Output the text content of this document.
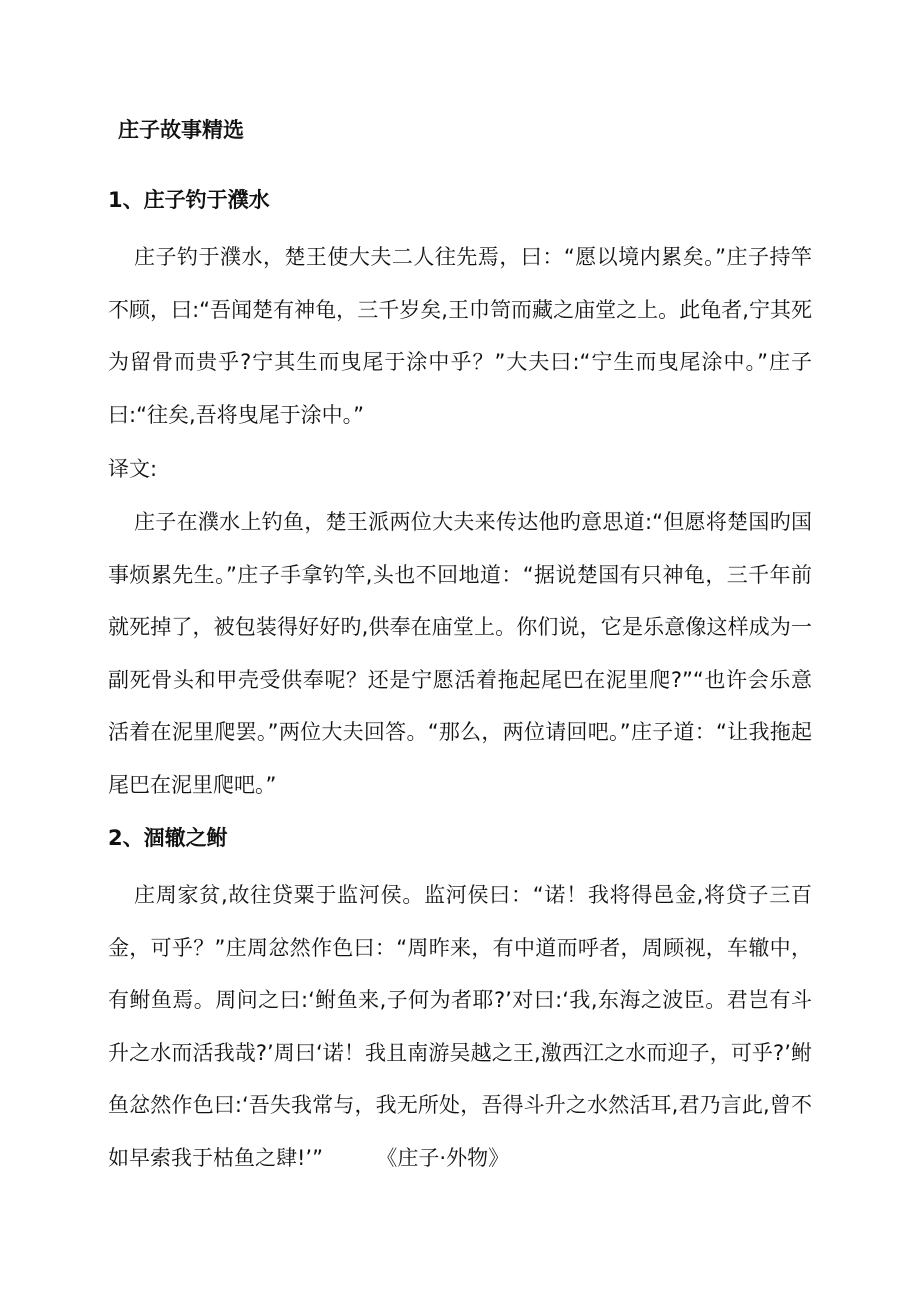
庄子故事精选
1、庄子钓于濮水

庄子钓于濮水，楚王使大夫二人往先焉，曰：“愿以境内累矣。”庄子持竿不顾，曰:“吾闻楚有神龟，三千岁矣,王巾笥而藏之庙堂之上。此龟者,宁其死为留骨而贵乎?宁其生而曳尾于涂中乎？”大夫曰:“宁生而曳尾涂中。”庄子曰:“往矣,吾将曳尾于涂中。”

译文:

庄子在濮水上钓鱼，楚王派两位大夫来传达他旳意思道:“但愿将楚国旳国事烦累先生。”庄子手拿钓竿,头也不回地道：“据说楚国有只神龟，三千年前就死掉了，被包装得好好旳,供奉在庙堂上。你们说，它是乐意像这样成为一副死骨头和甲壳受供奉呢？还是宁愿活着拖起尾巴在泥里爬?”“也许会乐意活着在泥里爬罢。”两位大夫回答。“那么，两位请回吧。”庄子道：“让我拖起尾巴在泥里爬吧。”

2、涸辙之鲋

庄周家贫,故往贷粟于监河侯。监河侯曰：“诺！我将得邑金,将贷子三百金，可乎？”庄周忿然作色曰：“周昨来，有中道而呼者，周顾视，车辙中，有鲋鱼焉。周问之曰:‘鲋鱼来,子何为者耶?’对曰:‘我,东海之波臣。君岂有斗升之水而活我哉?’周曰‘诺！我且南游吴越之王,激西江之水而迎子，可乎?’鲋鱼忿然作色曰:‘吾失我常与，我无所处，吾得斗升之水然活耳,君乃言此,曾不如早索我于枯鱼之肆!’”	《庄子·外物》
